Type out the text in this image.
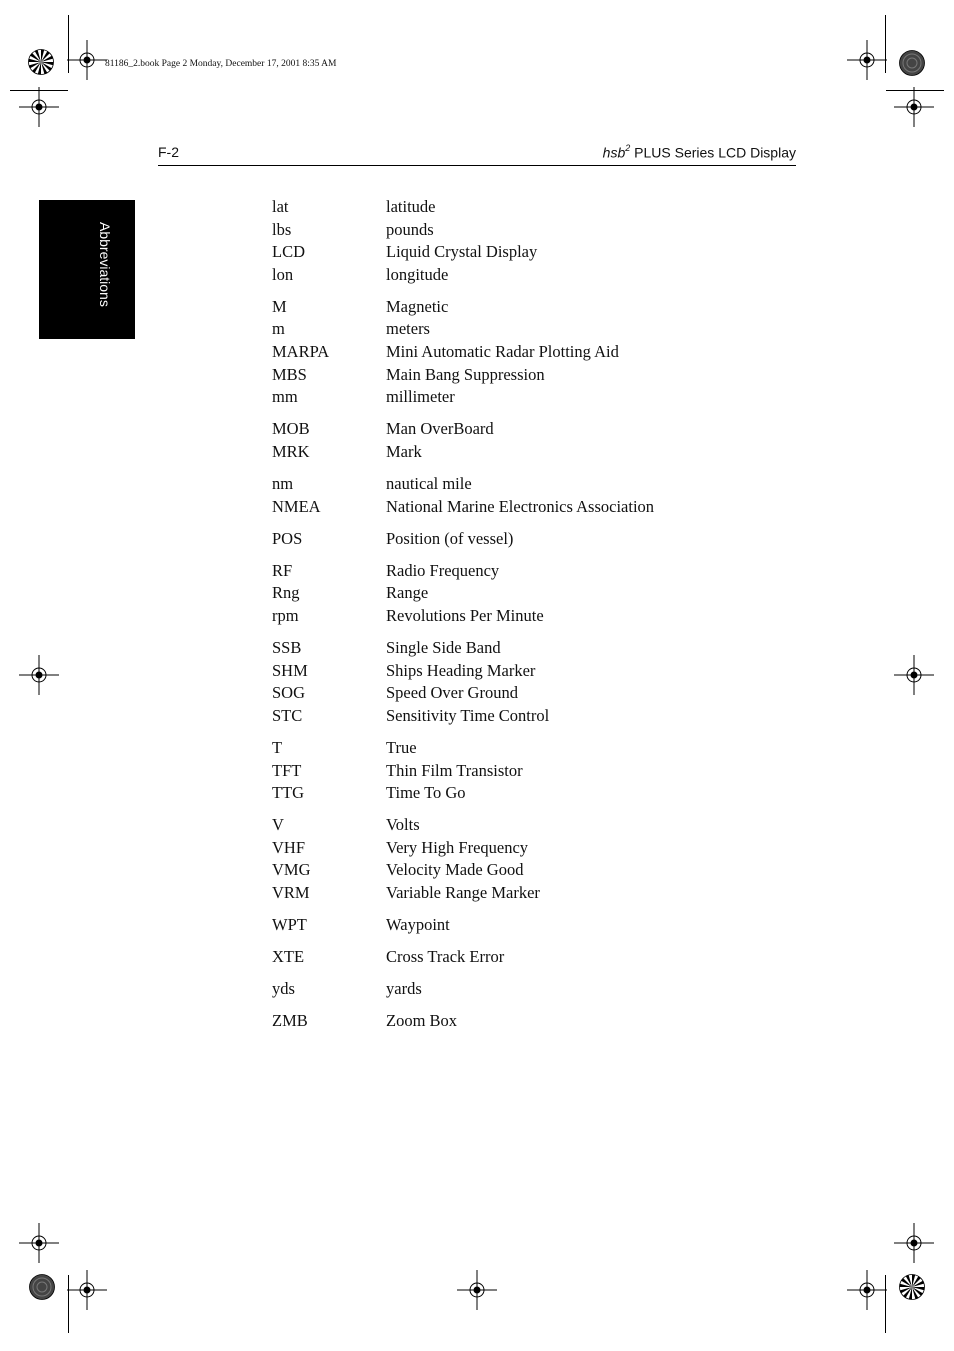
81186_2.book Page 2 Monday, December 17, 2001 8:35 AM
F-2	hsb$^2$ PLUS Series LCD Display
Abbreviations
lat	latitude
lbs	pounds
LCD	Liquid Crystal Display
lon	longitude
M	Magnetic
m	meters
MARPA	Mini Automatic Radar Plotting Aid
MBS	Main Bang Suppression
mm	millimeter
MOB	Man OverBoard
MRK	Mark
nm	nautical mile
NMEA	National Marine Electronics Association
POS	Position (of vessel)
RF	Radio Frequency
Rng	Range
rpm	Revolutions Per Minute
SSB	Single Side Band
SHM	Ships Heading Marker
SOG	Speed Over Ground
STC	Sensitivity Time Control
T	True
TFT	Thin Film Transistor
TTG	Time To Go
V	Volts
VHF	Very High Frequency
VMG	Velocity Made Good
VRM	Variable Range Marker
WPT	Waypoint
XTE	Cross Track Error
yds	yards
ZMB	Zoom Box
